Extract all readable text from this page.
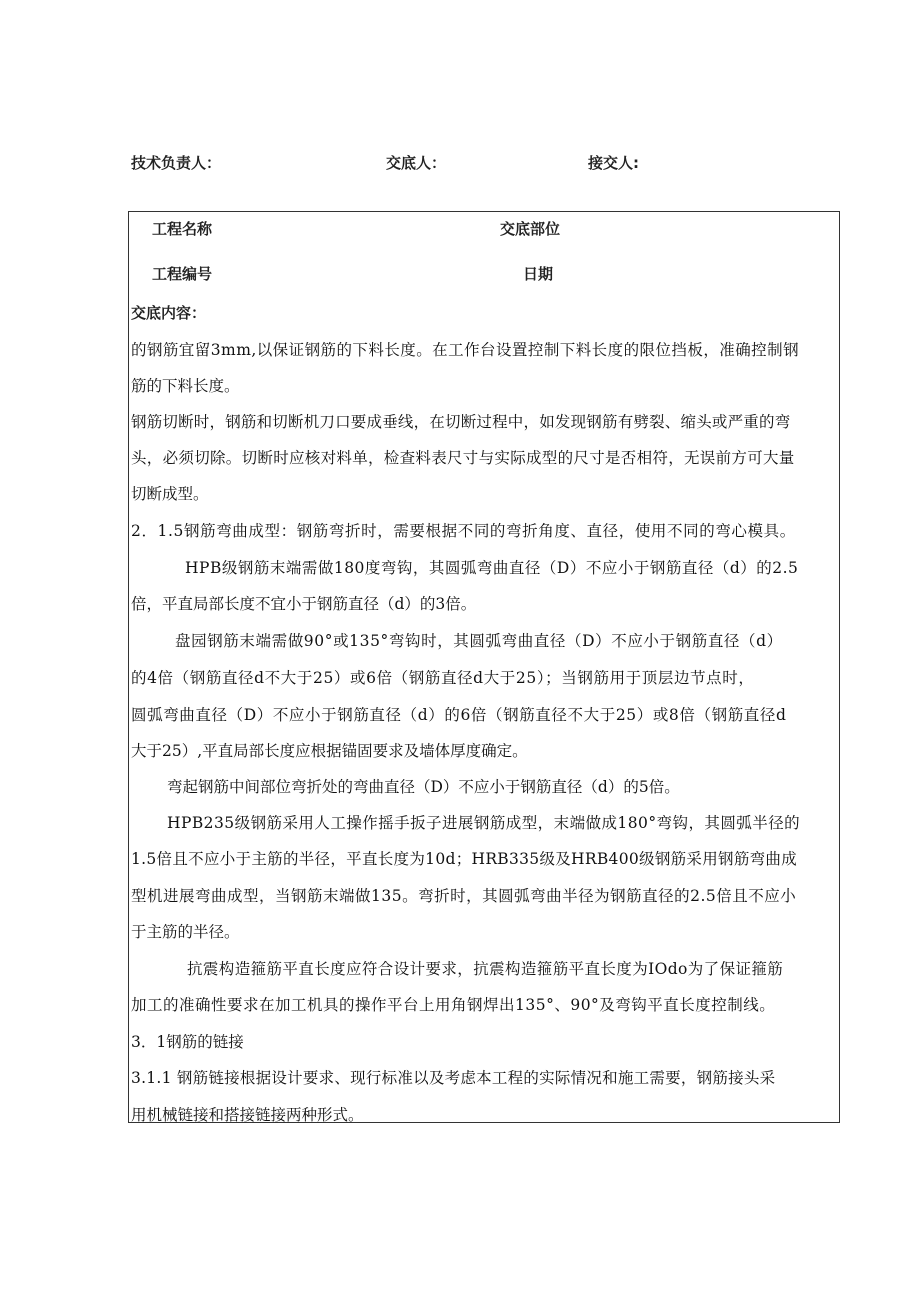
技术负责人：	交底人：	接交人:
工程名称	交底部位
工程编号	日期
交底内容：
的钢筋宜留3mm,以保证钢筋的下料长度。在工作台设置控制下料长度的限位挡板，准确控制钢
筋的下料长度。
钢筋切断时，钢筋和切断机刀口要成垂线，在切断过程中，如发现钢筋有劈裂、缩头或严重的弯
头，必须切除。切断时应核对料单，检查料表尺寸与实际成型的尺寸是否相符，无误前方可大量
切断成型。
2．1.5钢筋弯曲成型：钢筋弯折时，需要根据不同的弯折角度、直径，使用不同的弯心模具。
HPB级钢筋末端需做180度弯钩，其圆弧弯曲直径（D）不应小于钢筋直径（d）的2.5
倍，平直局部长度不宜小于钢筋直径（d）的3倍。
盘园钢筋末端需做90°或135°弯钩时，其圆弧弯曲直径（D）不应小于钢筋直径（d）
的4倍（钢筋直径d不大于25）或6倍（钢筋直径d大于25）；当钢筋用于顶层边节点时，
圆弧弯曲直径（D）不应小于钢筋直径（d）的6倍（钢筋直径不大于25）或8倍（钢筋直径d
大于25）,平直局部长度应根据锚固要求及墙体厚度确定。
弯起钢筋中间部位弯折处的弯曲直径（D）不应小于钢筋直径（d）的5倍。
HPB235级钢筋采用人工操作摇手扳子进展钢筋成型，末端做成180°弯钩，其圆弧半径的
1.5倍且不应小于主筋的半径，平直长度为10d；HRB335级及HRB400级钢筋采用钢筋弯曲成
型机进展弯曲成型，当钢筋末端做135。弯折时，其圆弧弯曲半径为钢筋直径的2.5倍且不应小
于主筋的半径。
抗震构造箍筋平直长度应符合设计要求，抗震构造箍筋平直长度为IOdo为了保证箍筋
加工的准确性要求在加工机具的操作平台上用角钢焊出135°、90°及弯钩平直长度控制线。
3．1钢筋的链接
3.1.1 钢筋链接根据设计要求、现行标准以及考虑本工程的实际情况和施工需要，钢筋接头采
用机械链接和搭接链接两种形式。
